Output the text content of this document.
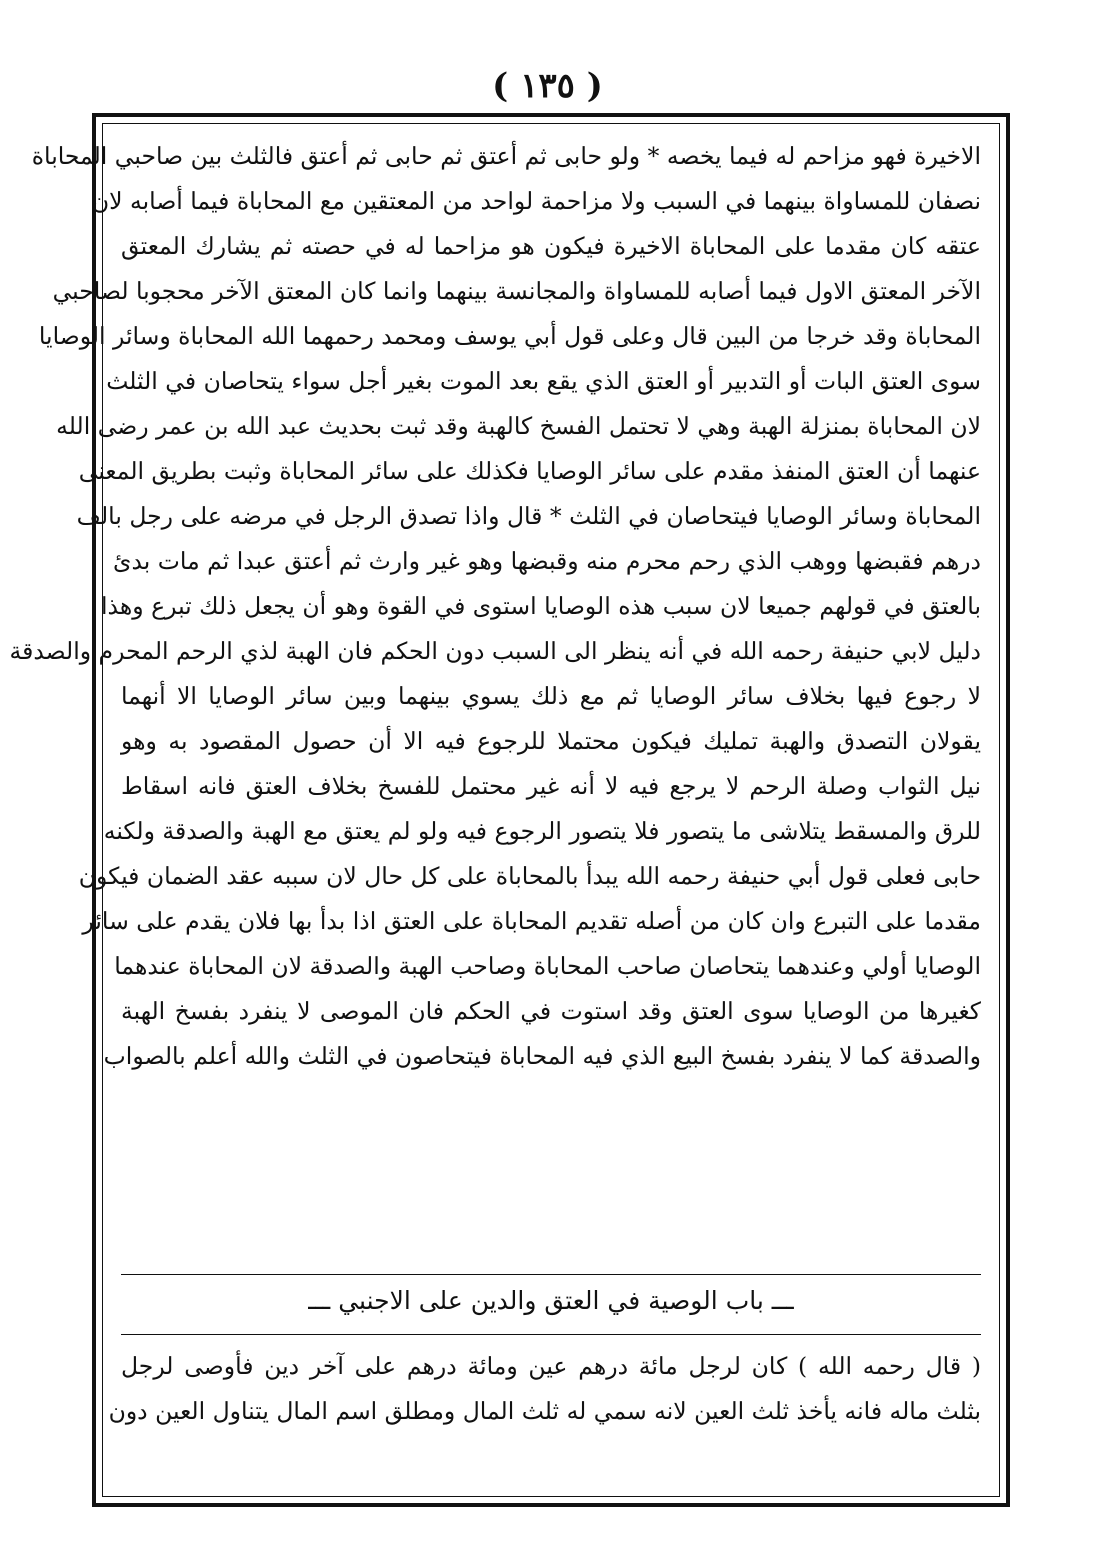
( ١٣٥ )
الاخيرة فهو مزاحم له فيما يخصه * ولو حابى ثم أعتق ثم حابى ثم أعتق فالثلث بين صاحبي المحاباة
نصفان للمساواة بينهما في السبب ولا مزاحمة لواحد من المعتقين مع المحاباة فيما أصابه لان
عتقه كان مقدما على المحاباة الاخيرة فيكون هو مزاحما له في حصته ثم يشارك المعتق
الآخر المعتق الاول فيما أصابه للمساواة والمجانسة بينهما وانما كان المعتق الآخر محجوبا لصاحبي
المحاباة وقد خرجا من البين قال وعلى قول أبي يوسف ومحمد رحمهما الله المحاباة وسائر الوصايا
سوى العتق البات أو التدبير أو العتق الذي يقع بعد الموت بغير أجل سواء يتحاصان في الثلث
لان المحاباة بمنزلة الهبة وهي لا تحتمل الفسخ كالهبة وقد ثبت بحديث عبد الله بن عمر رضى الله
عنهما أن العتق المنفذ مقدم على سائر الوصايا فكذلك على سائر المحاباة وثبت بطريق المعنى
المحاباة وسائر الوصايا فيتحاصان في الثلث * قال واذا تصدق الرجل في مرضه على رجل بالف
درهم فقبضها ووهب الذي رحم محرم منه وقبضها وهو غير وارث ثم أعتق عبدا ثم مات بدئ
بالعتق في قولهم جميعا لان سبب هذه الوصايا استوى في القوة وهو أن يجعل ذلك تبرع وهذا
دليل لابي حنيفة رحمه الله في أنه ينظر الى السبب دون الحكم فان الهبة لذي الرحم المحرم والصدقة
لا رجوع فيها بخلاف سائر الوصايا ثم مع ذلك يسوي بينهما وبين سائر الوصايا الا أنهما
يقولان التصدق والهبة تمليك فيكون محتملا للرجوع فيه الا أن حصول المقصود به وهو
نيل الثواب وصلة الرحم لا يرجع فيه لا أنه غير محتمل للفسخ بخلاف العتق فانه اسقاط
للرق والمسقط يتلاشى ما يتصور فلا يتصور الرجوع فيه ولو لم يعتق مع الهبة والصدقة ولكنه
حابى فعلى قول أبي حنيفة رحمه الله يبدأ بالمحاباة على كل حال لان سببه عقد الضمان فيكون
مقدما على التبرع وان كان من أصله تقديم المحاباة على العتق اذا بدأ بها فلان يقدم على سائر
الوصايا أولي وعندهما يتحاصان صاحب المحاباة وصاحب الهبة والصدقة لان المحاباة عندهما
كغيرها من الوصايا سوى العتق وقد استوت في الحكم فان الموصى لا ينفرد بفسخ الهبة
والصدقة كما لا ينفرد بفسخ البيع الذي فيه المحاباة فيتحاصون في الثلث والله أعلم بالصواب
ـــ باب الوصية في العتق والدين على الاجنبي ـــ
( قال رحمه الله ) كان لرجل مائة درهم عين ومائة درهم على آخر دين فأوصى لرجل
بثلث ماله فانه يأخذ ثلث العين لانه سمي له ثلث المال ومطلق اسم المال يتناول العين دون
